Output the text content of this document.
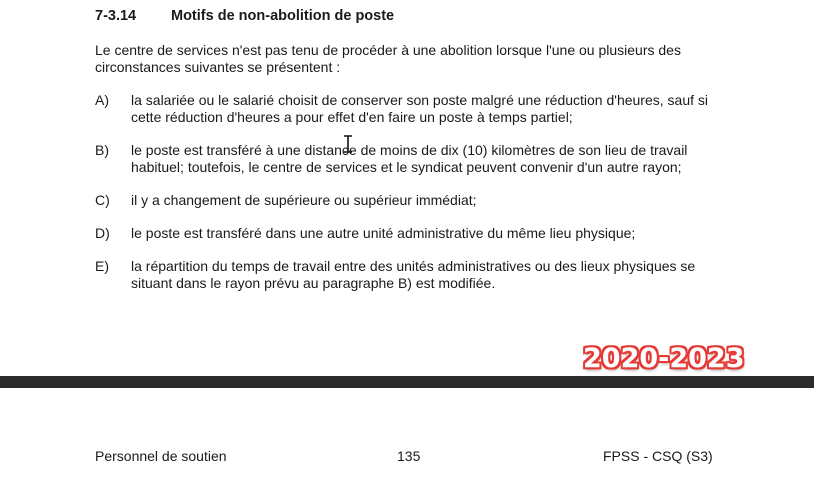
7-3.14 Motifs de non-abolition de poste
Le centre de services n'est pas tenu de procéder à une abolition lorsque l'une ou plusieurs des circonstances suivantes se présentent :
A) la salariée ou le salarié choisit de conserver son poste malgré une réduction d'heures, sauf si cette réduction d'heures a pour effet d'en faire un poste à temps partiel;
B) le poste est transféré à une distance de moins de dix (10) kilomètres de son lieu de travail habituel; toutefois, le centre de services et le syndicat peuvent convenir d'un autre rayon;
C) il y a changement de supérieure ou supérieur immédiat;
D) le poste est transféré dans une autre unité administrative du même lieu physique;
E) la répartition du temps de travail entre des unités administratives ou des lieux physiques se situant dans le rayon prévu au paragraphe B) est modifiée.
2020-2023
Personnel de soutien	135	FPSS - CSQ (S3)
